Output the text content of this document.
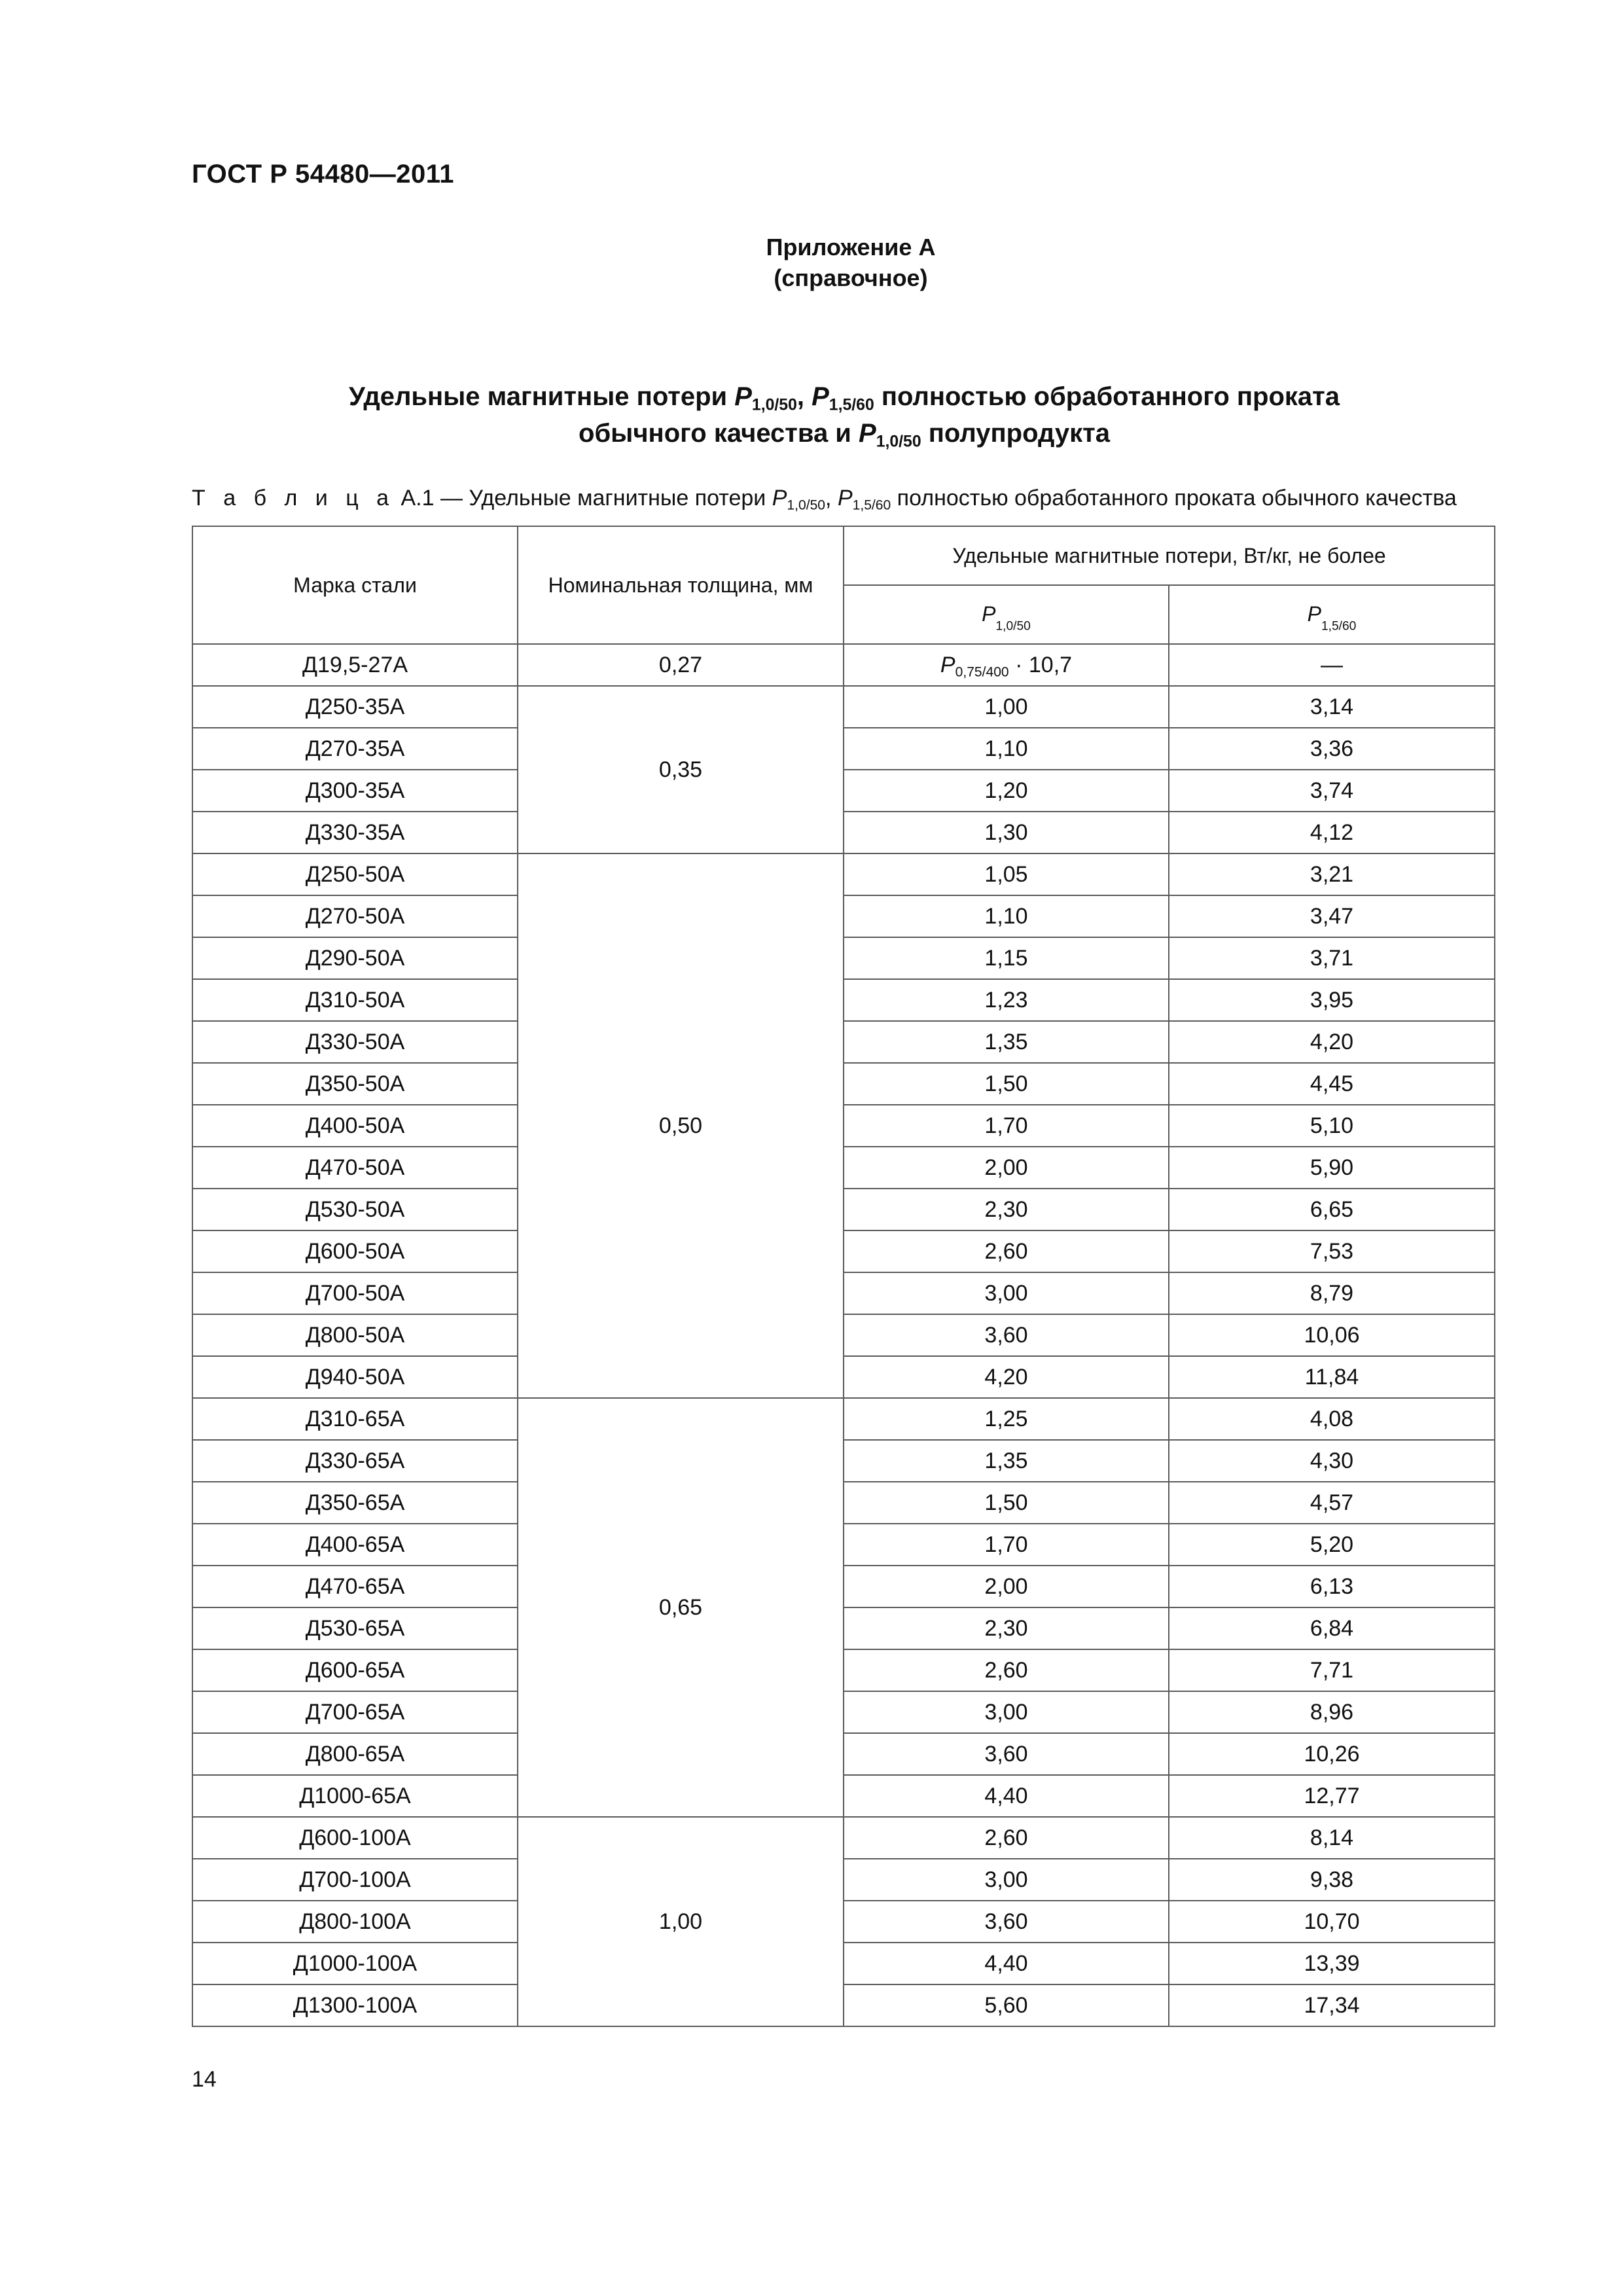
ГОСТ Р 54480—2011
Приложение А
(справочное)
Удельные магнитные потери $P_{1,0/50}$, $P_{1,5/60}$ полностью обработанного проката
обычного качества и $P_{1,0/50}$ полупродукта
Т а б л и ц а А.1 — Удельные магнитные потери $P_{1,0/50}$, $P_{1,5/60}$ полностью обработанного проката обычного качества
Марка стали	Номинальная толщина, мм	Удельные магнитные потери, Вт/кг, не более	
		$P_{1,0/50}$	$P_{1,5/60}$
Д19,5-27А	0,27	$P_{0,75/400} \cdot 10,7$	—
Д250-35А	0,35	1,00	3,14
Д270-35А		1,10	3,36
Д300-35А		1,20	3,74
Д330-35А		1,30	4,12
Д250-50А	0,50	1,05	3,21
Д270-50А		1,10	3,47
Д290-50А		1,15	3,71
Д310-50А		1,23	3,95
Д330-50А		1,35	4,20
Д350-50А		1,50	4,45
Д400-50А		1,70	5,10
Д470-50А		2,00	5,90
Д530-50А		2,30	6,65
Д600-50А		2,60	7,53
Д700-50А		3,00	8,79
Д800-50А		3,60	10,06
Д940-50А		4,20	11,84
Д310-65А	0,65	1,25	4,08
Д330-65А		1,35	4,30
Д350-65А		1,50	4,57
Д400-65А		1,70	5,20
Д470-65А		2,00	6,13
Д530-65А		2,30	6,84
Д600-65А		2,60	7,71
Д700-65А		3,00	8,96
Д800-65А		3,60	10,26
Д1000-65А		4,40	12,77
Д600-100А	1,00	2,60	8,14
Д700-100А		3,00	9,38
Д800-100А		3,60	10,70
Д1000-100А		4,40	13,39
Д1300-100А		5,60	17,34
14
